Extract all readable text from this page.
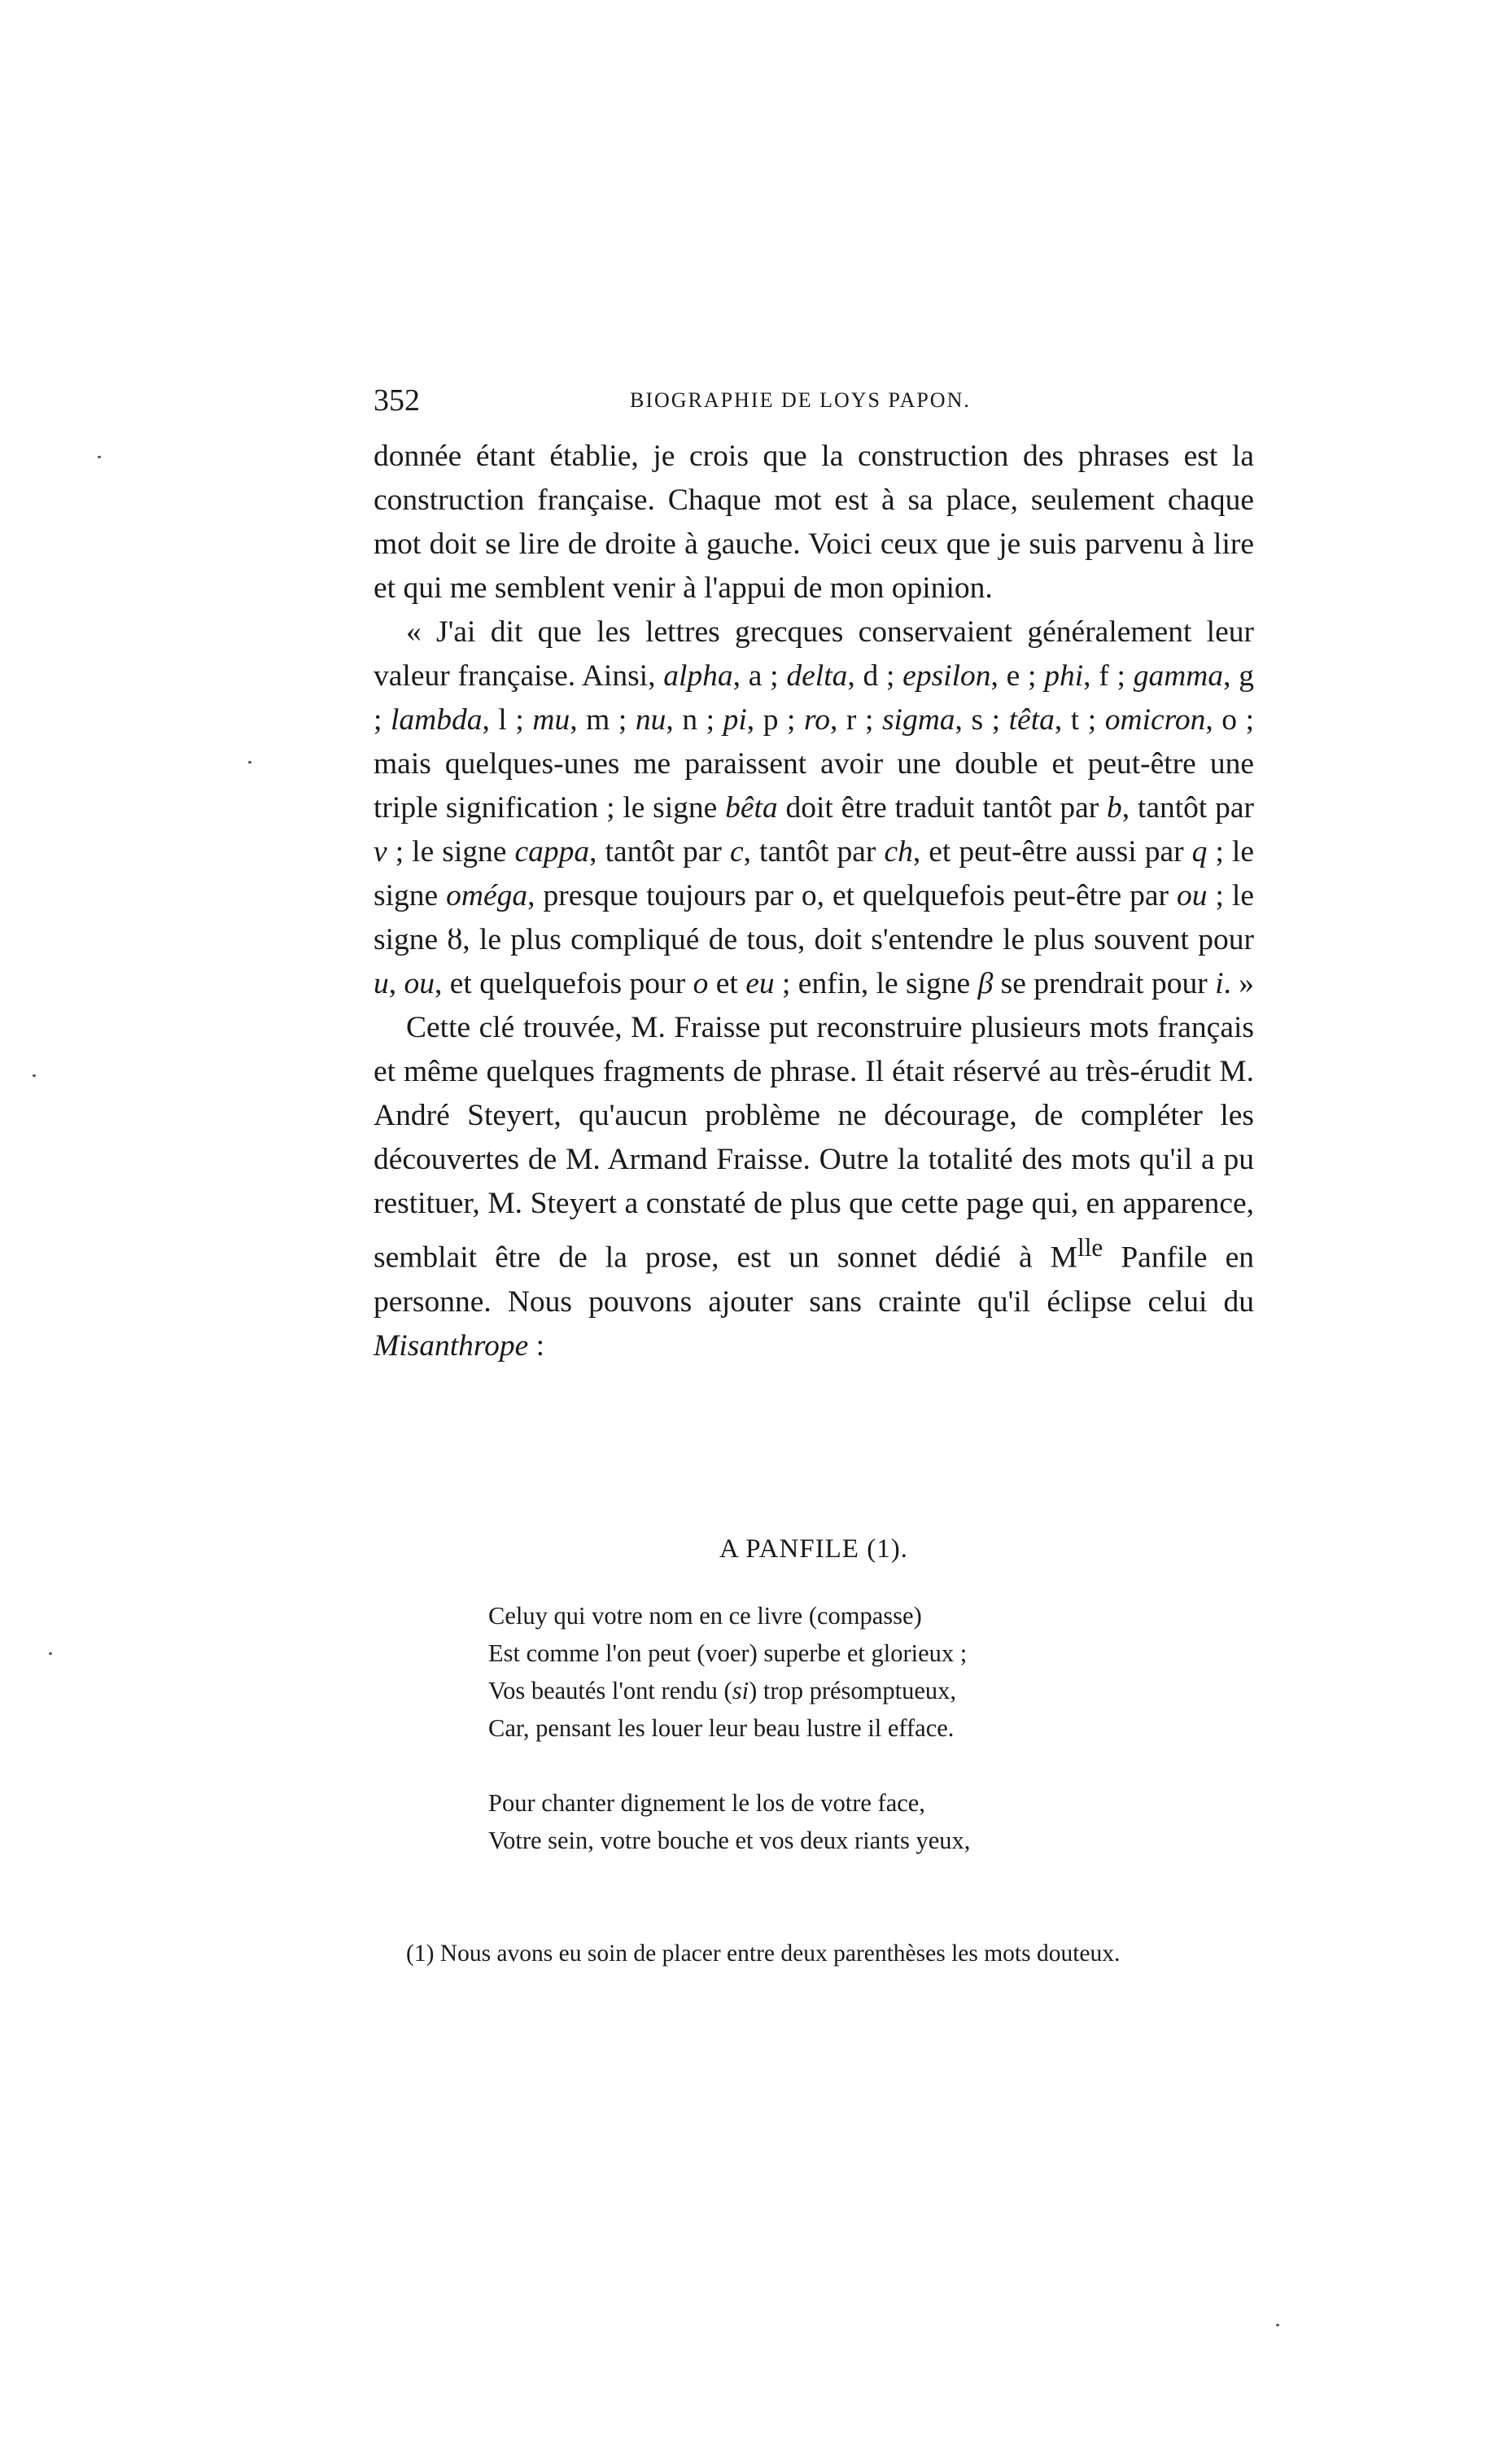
352	BIOGRAPHIE DE LOYS PAPON.

donnée étant établie, je crois que la construction des phrases est la construction française. Chaque mot est à sa place, seulement chaque mot doit se lire de droite à gauche. Voici ceux que je suis parvenu à lire et qui me semblent venir à l'appui de mon opinion.

« J'ai dit que les lettres grecques conservaient généralement leur valeur française. Ainsi, alpha, a ; delta, d ; epsilon, e ; phi, f ; gamma, g ; lambda, l ; mu, m ; nu, n ; pi, p ; ro, r ; sigma, s ; têta, t ; omicron, o ; mais quelques-unes me paraissent avoir une double et peut-être une triple signification ; le signe bêta doit être traduit tantôt par b, tantôt par v ; le signe cappa, tantôt par c, tantôt par ch, et peut-être aussi par q ; le signe oméga, presque toujours par o, et quelquefois peut-être par ou ; le signe ȣ, le plus compliqué de tous, doit s'entendre le plus souvent pour u, ou, et quelquefois pour o et eu ; enfin, le signe β se prendrait pour i. »

Cette clé trouvée, M. Fraisse put reconstruire plusieurs mots français et même quelques fragments de phrase. Il était réservé au très-érudit M. André Steyert, qu'aucun problème ne décourage, de compléter les découvertes de M. Armand Fraisse. Outre la totalité des mots qu'il a pu restituer, M. Steyert a constaté de plus que cette page qui, en apparence, semblait être de la prose, est un sonnet dédié à $M^{lle}$ Panfile en personne. Nous pouvons ajouter sans crainte qu'il éclipse celui du Misanthrope :

A PANFILE (1).
Celuy qui votre nom en ce livre (compasse)
Est comme l'on peut (voer) superbe et glorieux ;
Vos beautés l'ont rendu (si) trop présomptueux,
Car, pensant les louer leur beau lustre il efface.
Pour chanter dignement le los de votre face,
Votre sein, votre bouche et vos deux riants yeux,

(1) Nous avons eu soin de placer entre deux parenthèses les mots douteux.
